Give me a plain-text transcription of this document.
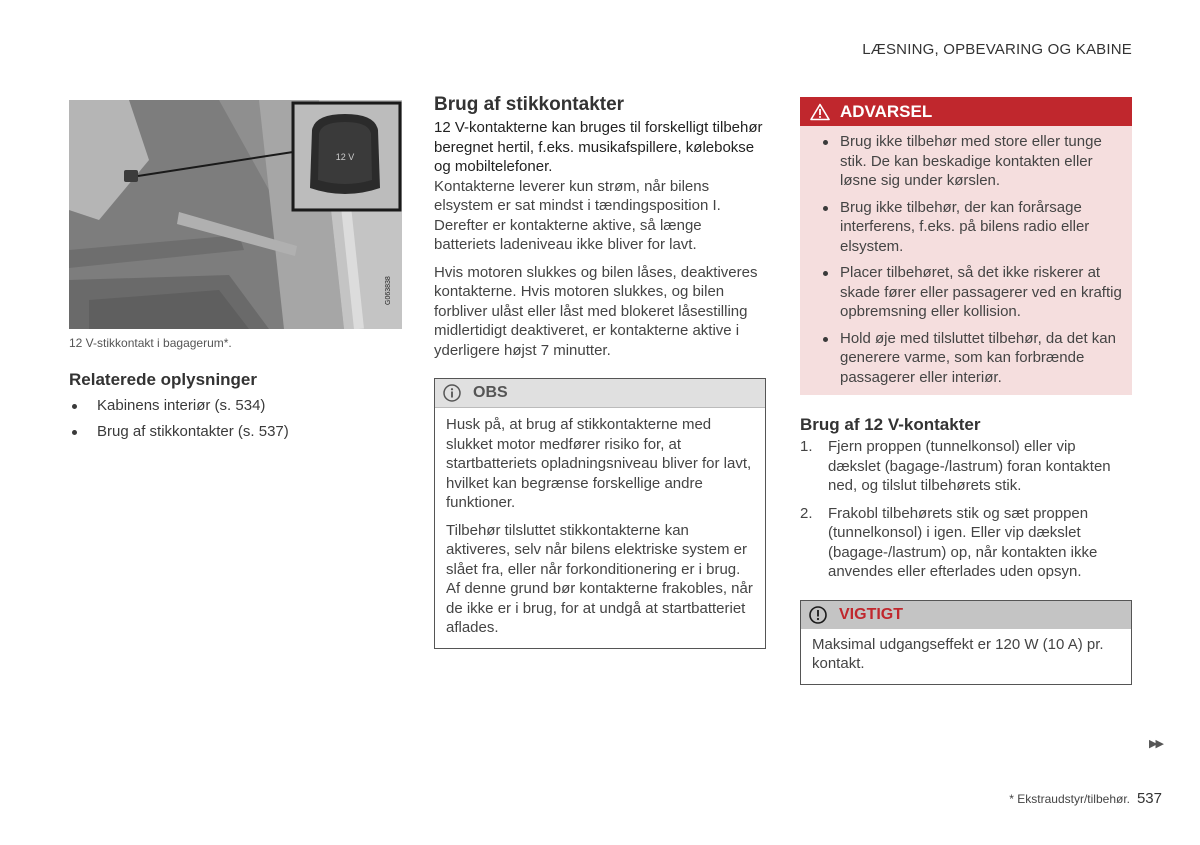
LÆSNING, OPBEVARING OG KABINE
12 V
G063838
12 V-stikkontakt i bagagerum*.
Relaterede oplysninger
Kabinens interiør (s. 534)
Brug af stikkontakter (s. 537)
Brug af stikkontakter

12 V-kontakterne kan bruges til forskelligt tilbehør beregnet hertil, f.eks. musikafspillere, kølebokse og mobiltelefoner.

Kontakterne leverer kun strøm, når bilens elsystem er sat mindst i tændingsposition I. Derefter er kontakterne aktive, så længe batteriets ladeniveau ikke bliver for lavt.

Hvis motoren slukkes og bilen låses, deaktiveres kontakterne. Hvis motoren slukkes, og bilen forbliver ulåst eller låst med blokeret låsestilling midlertidigt deaktiveret, er kontakterne aktive i yderligere højst 7 minutter.

OBS

Husk på, at brug af stikkontakterne med slukket motor medfører risiko for, at startbatteriets opladningsniveau bliver for lavt, hvilket kan begrænse forskellige andre funktioner.

Tilbehør tilsluttet stikkontakterne kan aktiveres, selv når bilens elektriske system er slået fra, eller når forkonditionering er i brug. Af denne grund bør kontakterne frakobles, når de ikke er i brug, for at undgå at startbatteriet aflades.

ADVARSEL
Brug ikke tilbehør med store eller tunge stik. De kan beskadige kontakten eller løsne sig under kørslen.
Brug ikke tilbehør, der kan forårsage interferens, f.eks. på bilens radio eller elsystem.
Placer tilbehøret, så det ikke riskerer at skade fører eller passagerer ved en kraftig opbremsning eller kollision.
Hold øje med tilsluttet tilbehør, da det kan generere varme, som kan forbrænde passagerer eller interiør.
Brug af 12 V-kontakter
1. Fjern proppen (tunnelkonsol) eller vip dækslet (bagage-/lastrum) foran kontakten ned, og tilslut tilbehørets stik.
2. Frakobl tilbehørets stik og sæt proppen (tunnelkonsol) i igen. Eller vip dækslet (bagage-/lastrum) op, når kontakten ikke anvendes eller efterlades uden opsyn.
VIGTIGT
Maksimal udgangseffekt er 120 W (10 A) pr. kontakt.
▶▶
* Ekstraudstyr/tilbehør. 537
